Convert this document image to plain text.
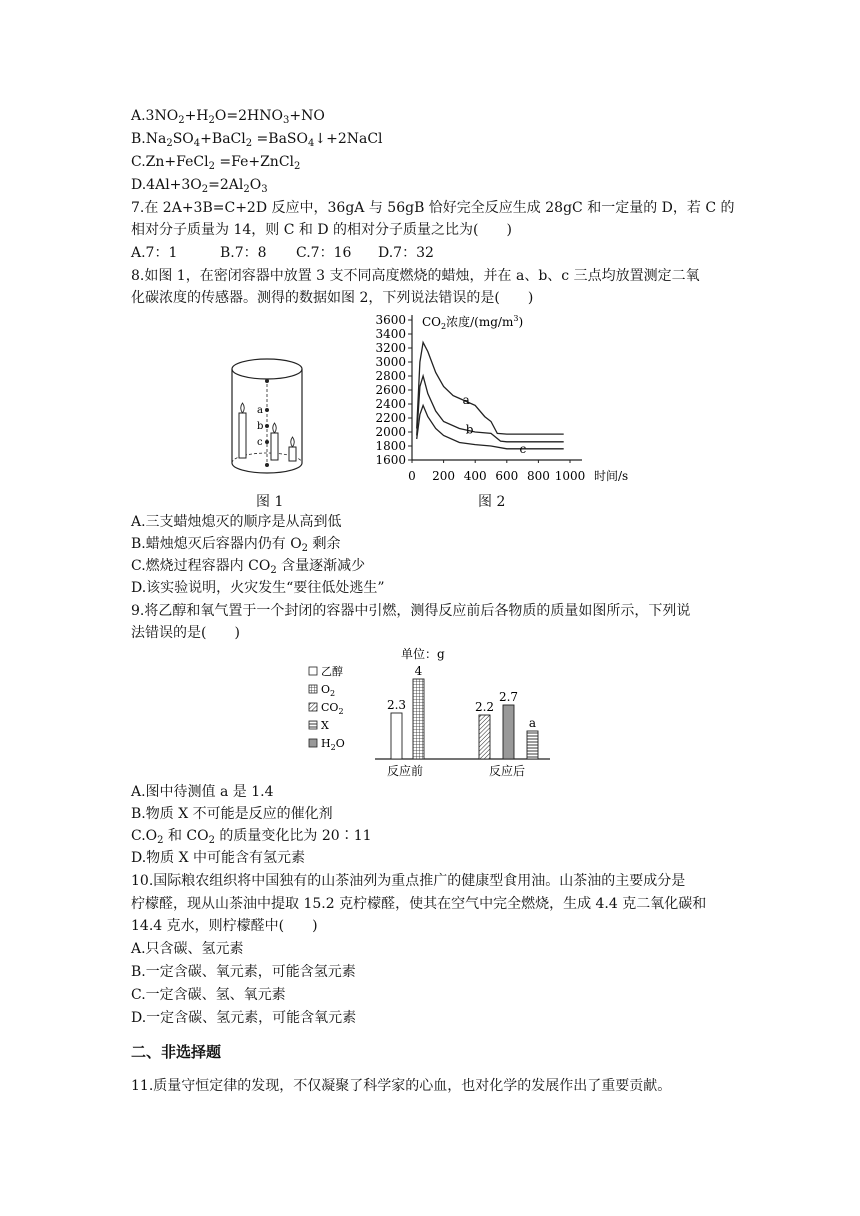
$A.3NO_2+H_2O=2HNO_3+NO$
$B.Na_2SO_4+BaCl_2$ =BaSO$_4$↓+2NaCl
C.Zn+FeCl$_2$ =Fe+ZnCl$_2$
$D.4Al+3O_2=2Al_2O_3$
7.在 2A+3B=C+2D 反应中，36gA 与 56gB 恰好完全反应生成 28gC 和一定量的 D，若 C 的
相对分子质量为 14，则 C 和 D 的相对分子质量之比为(　　)
A.7：1	B.7：8 C.7：16 D.7：32
8.如图 1，在密闭容器中放置 3 支不同高度燃烧的蜡烛，并在 a、b、c 三点均放置测定二氧
化碳浓度的传感器。测得的数据如图 2，下列说法错误的是(　　)
a
b
c
1600
1800
2000
2200
2400
2600
2800
3000
3200
3400
3600
0 200 400 600 800 1000 时间/s
$CO_2$浓度$/(mg/m^3)$
a
b
c
图 1	图 2
A.三支蜡烛熄灭的顺序是从高到低
B.蜡烛熄灭后容器内仍有 $O_2$ 剩余
C.燃烧过程容器内 $CO_2$ 含量逐渐减少
D.该实验说明，火灾发生“要往低处逃生”
9.将乙醇和氧气置于一个封闭的容器中引燃，测得反应前后各物质的质量如图所示，下列说
法错误的是(　　)
单位：g
乙醇
$O_2$
$CO_2$
X
$H_2O$
2.3
4
2.2
2.7
a
反应前	反应后
A.图中待测值 a 是 1.4
B.物质 X 不可能是反应的催化剂
$C.O_2$ 和 $CO_2$ 的质量变化比为 20∶11
D.物质 X 中可能含有氢元素
10.国际粮农组织将中国独有的山茶油列为重点推广的健康型食用油。山茶油的主要成分是
柠檬醛，现从山茶油中提取 15.2 克柠檬醛，使其在空气中完全燃烧，生成 4.4 克二氧化碳和
14.4 克水，则柠檬醛中(　　)
A.只含碳、氢元素
B.一定含碳、氧元素，可能含氢元素
C.一定含碳、氢、氧元素
D.一定含碳、氢元素，可能含氧元素
二、非选择题
11.质量守恒定律的发现，不仅凝聚了科学家的心血，也对化学的发展作出了重要贡献。
